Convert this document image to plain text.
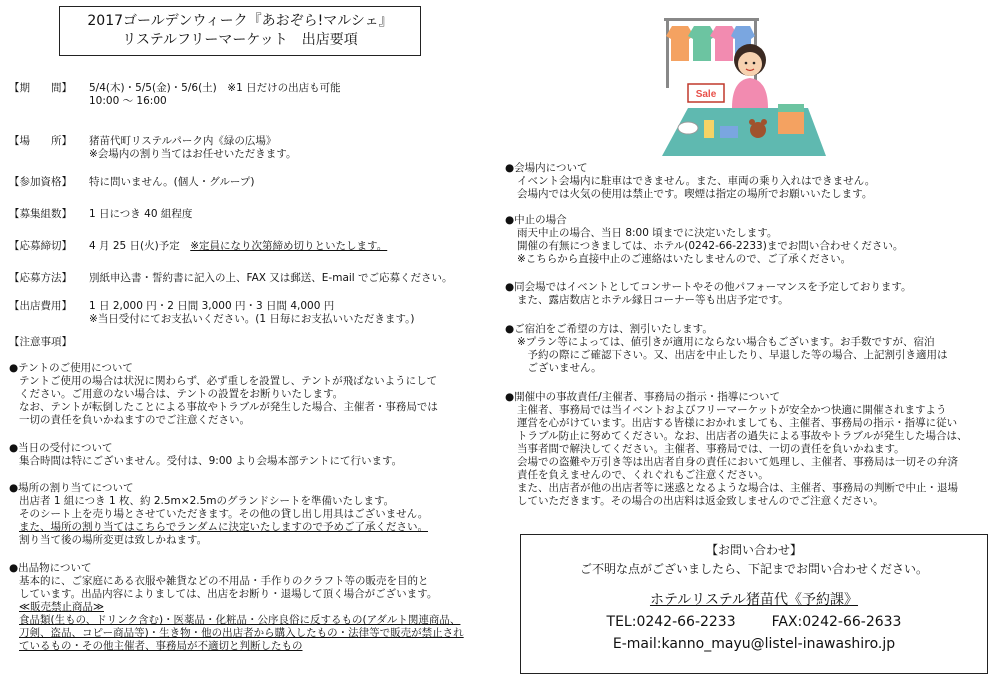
2017ゴールデンウィーク『あおぞら!マルシェ』
リステルフリーマーケット　出店要項
Sale
【期　　間】	5/4(木)・5/5(金)・5/6(土)　※1 日だけの出店も可能
10:00 ～ 16:00
【場　　所】	猪苗代町リステルパーク内《緑の広場》
※会場内の割り当てはお任せいただきます。
【参加資格】	特に問いません。(個人・グループ)
【募集組数】	1 日につき 40 組程度
【応募締切】	4 月 25 日(火)予定　※定員になり次第締め切りといたします。
【応募方法】	別紙申込書・誓約書に記入の上、FAX 又は郵送、E-mail でご応募ください。
【出店費用】	1 日 2,000 円・2 日間 3,000 円・3 日間 4,000 円
※当日受付にてお支払いください。(1 日毎にお支払いいただきます。)
【注意事項】
●テントのご使用について
テントご使用の場合は状況に関わらず、必ず重しを設置し、テントが飛ばないようにして
ください。ご用意のない場合は、テントの設置をお断りいたします。
なお、テントが転倒したことによる事故やトラブルが発生した場合、主催者・事務局では
一切の責任を負いかねますのでご注意ください。
●当日の受付について
集合時間は特にございません。受付は、9:00 より会場本部テントにて行います。
●場所の割り当てについて
出店者 1 組につき 1 枚、約 2.5m×2.5mのグランドシートを準備いたします。
そのシート上を売り場とさせていただきます。その他の貸し出し用具はございません。
また、場所の割り当てはこちらでランダムに決定いたしますので予めご了承ください。
割り当て後の場所変更は致しかねます。
●出品物について
基本的に、ご家庭にある衣服や雑貨などの不用品・手作りのクラフト等の販売を目的と
しています。出品内容によりましては、出店をお断り・退場して頂く場合がございます。
≪販売禁止商品≫
食品類(生もの、ドリンク含む)・医薬品・化粧品・公序良俗に反するもの(アダルト関連商品、
刀剣、盗品、コピー商品等)・生き物・他の出店者から購入したもの・法律等で販売が禁止され
ているもの・その他主催者、事務局が不適切と判断したもの
●会場内について
イベント会場内に駐車はできません。また、車両の乗り入れはできません。
会場内では火気の使用は禁止です。喫煙は指定の場所でお願いいたします。
●中止の場合
雨天中止の場合、当日 8:00 頃までに決定いたします。
開催の有無につきましては、ホテル(0242-66-2233)までお問い合わせください。
※こちらから直接中止のご連絡はいたしませんので、ご了承ください。
●同会場ではイベントとしてコンサートやその他パフォーマンスを予定しております。
また、露店数店とホテル縁日コーナー等も出店予定です。
●ご宿泊をご希望の方は、割引いたします。
※プラン等によっては、値引きが適用にならない場合もございます。お手数ですが、宿泊
　予約の際にご確認下さい。又、出店を中止したり、早退した等の場合、上記割引き適用は
　ございません。
●開催中の事故責任/主催者、事務局の指示・指導について
主催者、事務局では当イベントおよびフリーマーケットが安全かつ快適に開催されますよう
運営を心がけています。出店する皆様におかれましても、主催者、事務局の指示・指導に従い
トラブル防止に努めてください。なお、出店者の過失による事故やトラブルが発生した場合は、
当事者間で解決してください。主催者、事務局では、一切の責任を負いかねます。
会場での盗難や万引き等は出店者自身の責任において処理し、主催者、事務局は一切その弁済
責任を負えませんので、くれぐれもご注意ください。
また、出店者が他の出店者等に迷惑となるような場合は、主催者、事務局の判断で中止・退場
していただきます。その場合の出店料は返金致しませんのでご注意ください。
【お問い合わせ】
ご不明な点がございましたら、下記までお問い合わせください。
ホテルリステル猪苗代《予約課》
TEL:0242-66-2233	FAX:0242-66-2633
E-mail:kanno_mayu@listel-inawashiro.jp
